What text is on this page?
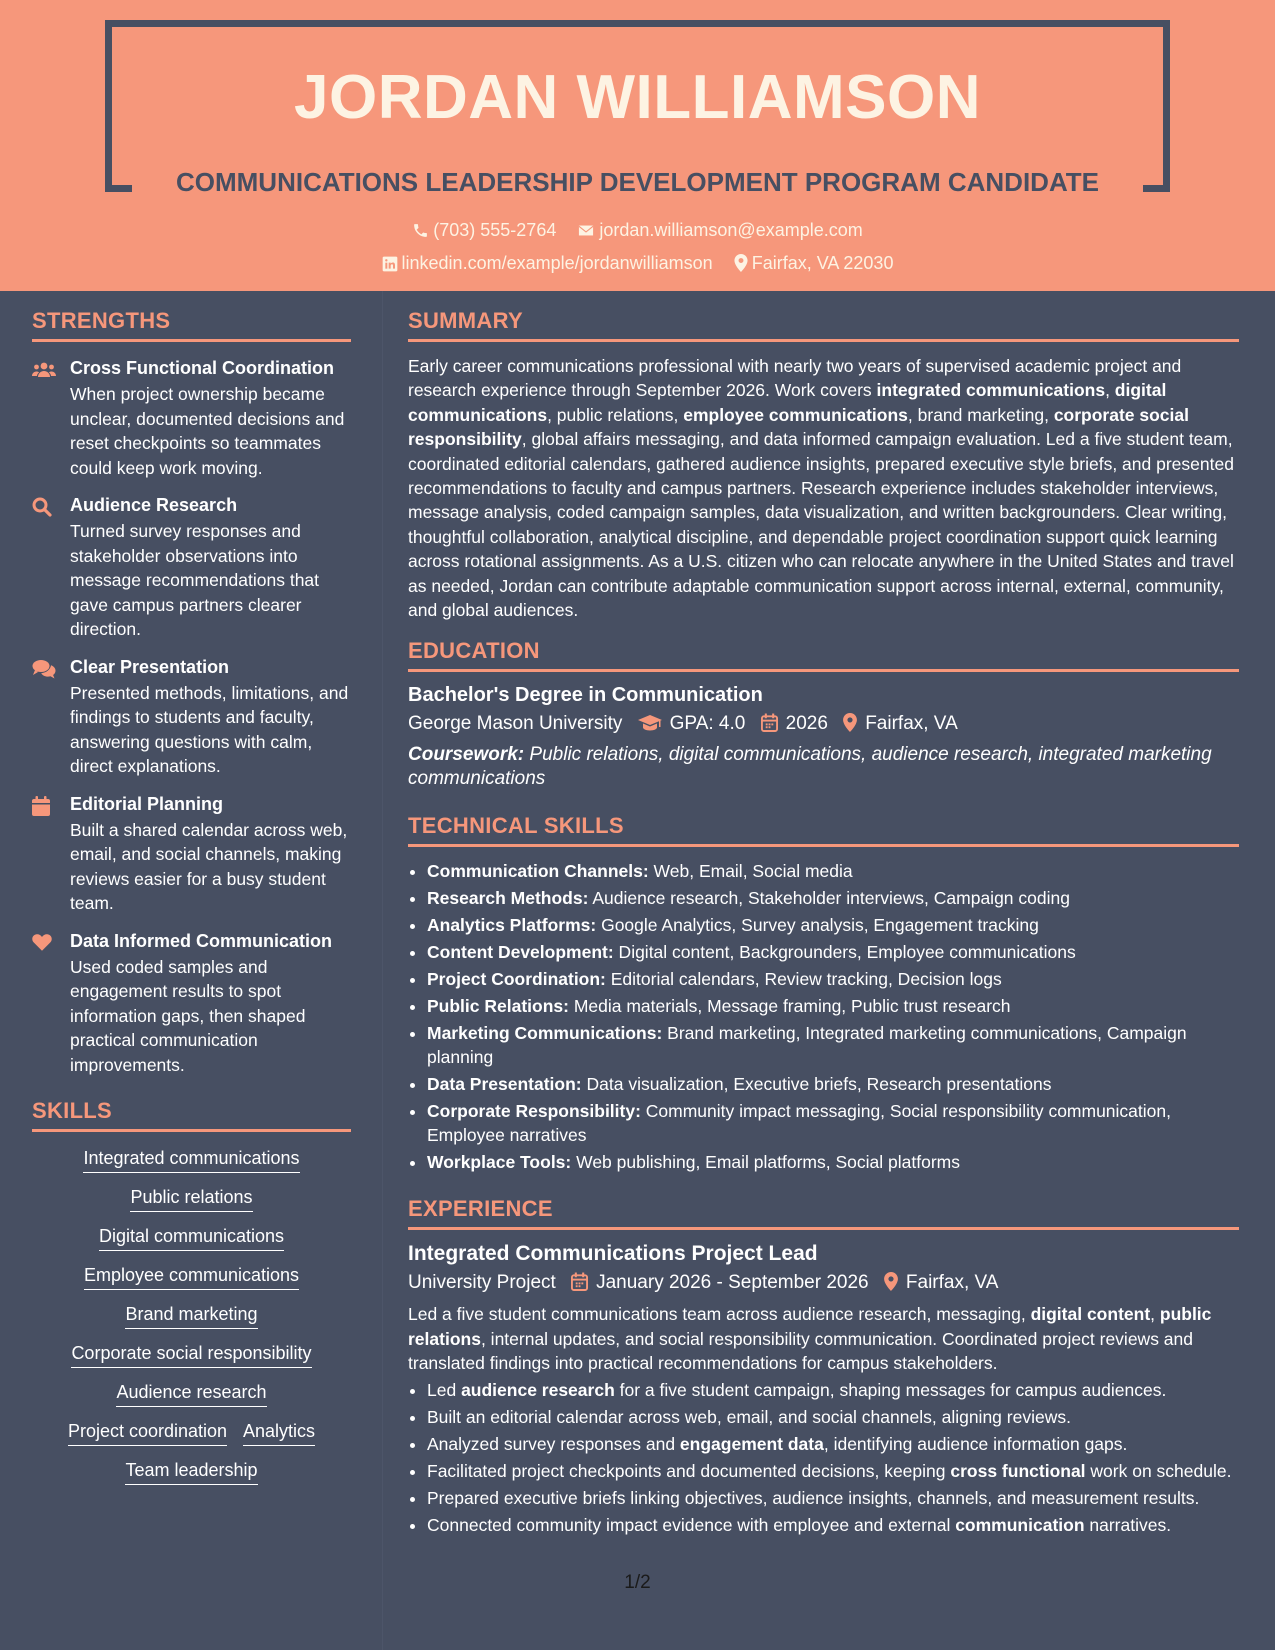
JORDAN WILLIAMSON
COMMUNICATIONS LEADERSHIP DEVELOPMENT PROGRAM CANDIDATE
(703) 555-2764 jordan.williamson@example.com
linkedin.com/example/jordanwilliamson Fairfax, VA 22030
STRENGTHS
Cross Functional Coordination
When project ownership became unclear, documented decisions and reset checkpoints so teammates could keep work moving.
Audience Research
Turned survey responses and stakeholder observations into message recommendations that gave campus partners clearer direction.
Clear Presentation
Presented methods, limitations, and findings to students and faculty, answering questions with calm, direct explanations.
Editorial Planning
Built a shared calendar across web, email, and social channels, making reviews easier for a busy student team.
Data Informed Communication
Used coded samples and engagement results to spot information gaps, then shaped practical communication improvements.
SKILLS
Integrated communications
Public relations
Digital communications
Employee communications
Brand marketing
Corporate social responsibility
Audience research
Project coordination Analytics
Team leadership
SUMMARY
Early career communications professional with nearly two years of supervised academic project and research experience through September 2026. Work covers integrated communications, digital communications, public relations, employee communications, brand marketing, corporate social responsibility, global affairs messaging, and data informed campaign evaluation. Led a five student team, coordinated editorial calendars, gathered audience insights, prepared executive style briefs, and presented recommendations to faculty and campus partners. Research experience includes stakeholder interviews, message analysis, coded campaign samples, data visualization, and written backgrounders. Clear writing, thoughtful collaboration, analytical discipline, and dependable project coordination support quick learning across rotational assignments. As a U.S. citizen who can relocate anywhere in the United States and travel as needed, Jordan can contribute adaptable communication support across internal, external, community, and global audiences.
EDUCATION
Bachelor's Degree in Communication
George Mason University GPA: 4.0 2026 Fairfax, VA
Coursework: Public relations, digital communications, audience research, integrated marketing communications
TECHNICAL SKILLS
• Communication Channels: Web, Email, Social media
• Research Methods: Audience research, Stakeholder interviews, Campaign coding
• Analytics Platforms: Google Analytics, Survey analysis, Engagement tracking
• Content Development: Digital content, Backgrounders, Employee communications
• Project Coordination: Editorial calendars, Review tracking, Decision logs
• Public Relations: Media materials, Message framing, Public trust research
• Marketing Communications: Brand marketing, Integrated marketing communications, Campaign planning
• Data Presentation: Data visualization, Executive briefs, Research presentations
• Corporate Responsibility: Community impact messaging, Social responsibility communication, Employee narratives
• Workplace Tools: Web publishing, Email platforms, Social platforms
EXPERIENCE
Integrated Communications Project Lead
University Project January 2026 - September 2026 Fairfax, VA
Led a five student communications team across audience research, messaging, digital content, public relations, internal updates, and social responsibility communication. Coordinated project reviews and translated findings into practical recommendations for campus stakeholders.
• Led audience research for a five student campaign, shaping messages for campus audiences.
• Built an editorial calendar across web, email, and social channels, aligning reviews.
• Analyzed survey responses and engagement data, identifying audience information gaps.
• Facilitated project checkpoints and documented decisions, keeping cross functional work on schedule.
• Prepared executive briefs linking objectives, audience insights, channels, and measurement results.
• Connected community impact evidence with employee and external communication narratives.
1/2
